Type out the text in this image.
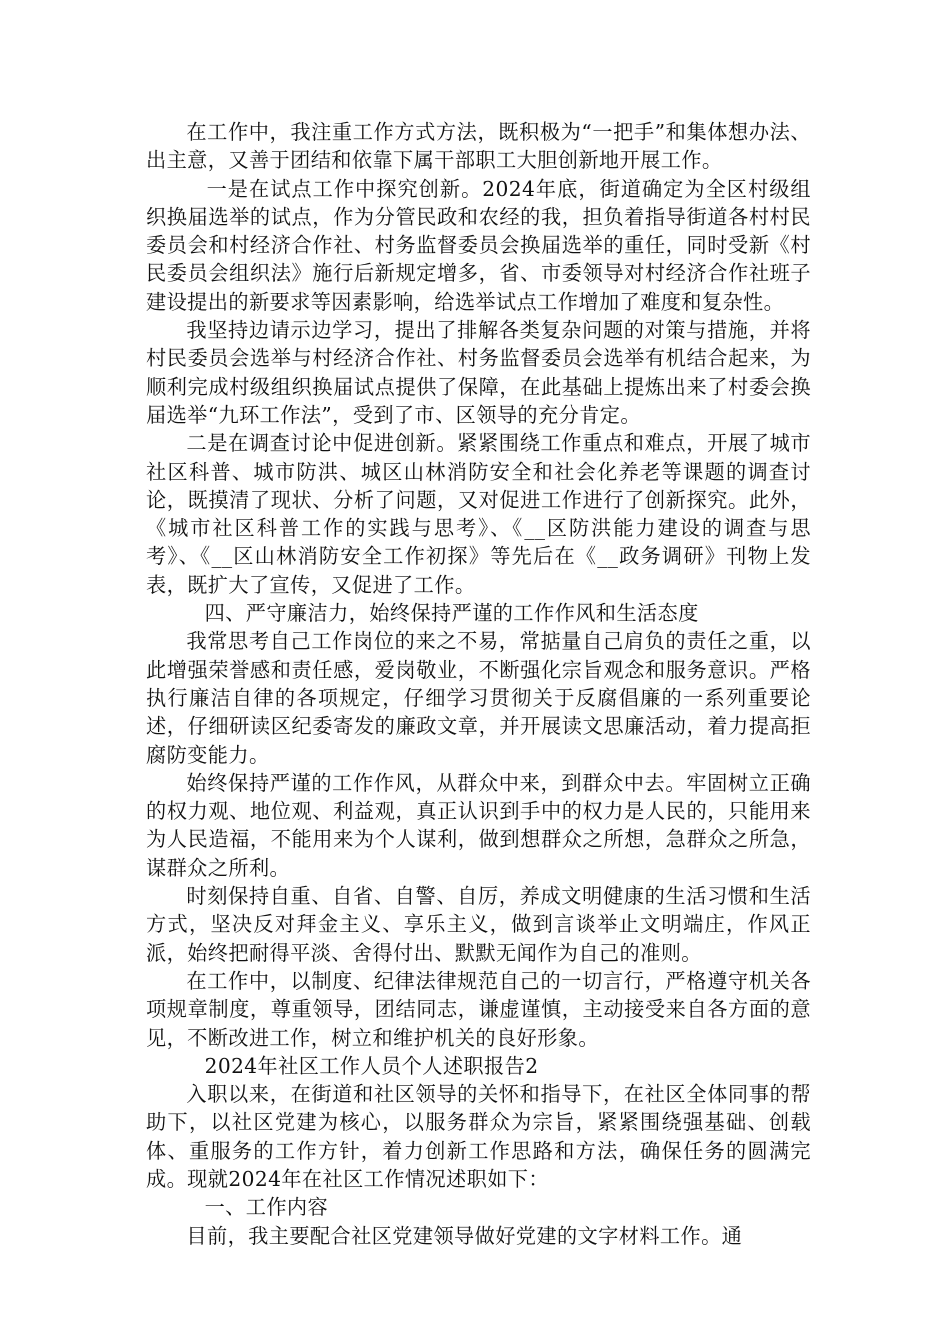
在工作中，我注重工作方式方法，既积极为“一把手”和集体想办法、出主意，又善于团结和依靠下属干部职工大胆创新地开展工作。

一是在试点工作中探究创新。2024年底，街道确定为全区村级组织换届选举的试点，作为分管民政和农经的我，担负着指导街道各村村民委员会和村经济合作社、村务监督委员会换届选举的重任，同时受新《村民委员会组织法》施行后新规定增多，省、市委领导对村经济合作社班子建设提出的新要求等因素影响，给选举试点工作增加了难度和复杂性。

我坚持边请示边学习，提出了排解各类复杂问题的对策与措施，并将村民委员会选举与村经济合作社、村务监督委员会选举有机结合起来，为顺利完成村级组织换届试点提供了保障，在此基础上提炼出来了村委会换届选举“九环工作法”，受到了市、区领导的充分肯定。

二是在调查讨论中促进创新。紧紧围绕工作重点和难点，开展了城市社区科普、城市防洪、城区山林消防安全和社会化养老等课题的调查讨论，既摸清了现状、分析了问题，又对促进工作进行了创新探究。此外，《城市社区科普工作的实践与思考》、《__区防洪能力建设的调查与思考》、《__区山林消防安全工作初探》等先后在《__政务调研》刊物上发表，既扩大了宣传，又促进了工作。

四、严守廉洁力，始终保持严谨的工作作风和生活态度

我常思考自己工作岗位的来之不易，常掂量自己肩负的责任之重，以此增强荣誉感和责任感，爱岗敬业，不断强化宗旨观念和服务意识。严格执行廉洁自律的各项规定，仔细学习贯彻关于反腐倡廉的一系列重要论述，仔细研读区纪委寄发的廉政文章，并开展读文思廉活动，着力提高拒腐防变能力。

始终保持严谨的工作作风，从群众中来，到群众中去。牢固树立正确的权力观、地位观、利益观，真正认识到手中的权力是人民的，只能用来为人民造福，不能用来为个人谋利，做到想群众之所想，急群众之所急，谋群众之所利。

时刻保持自重、自省、自警、自厉，养成文明健康的生活习惯和生活方式，坚决反对拜金主义、享乐主义，做到言谈举止文明端庄，作风正派，始终把耐得平淡、舍得付出、默默无闻作为自己的准则。

在工作中，以制度、纪律法律规范自己的一切言行，严格遵守机关各项规章制度，尊重领导，团结同志，谦虚谨慎，主动接受来自各方面的意见，不断改进工作，树立和维护机关的良好形象。

2024年社区工作人员个人述职报告2

入职以来，在街道和社区领导的关怀和指导下，在社区全体同事的帮助下，以社区党建为核心，以服务群众为宗旨，紧紧围绕强基础、创载体、重服务的工作方针，着力创新工作思路和方法，确保任务的圆满完成。现就2024年在社区工作情况述职如下：

一、工作内容

目前，我主要配合社区党建领导做好党建的文字材料工作。通
